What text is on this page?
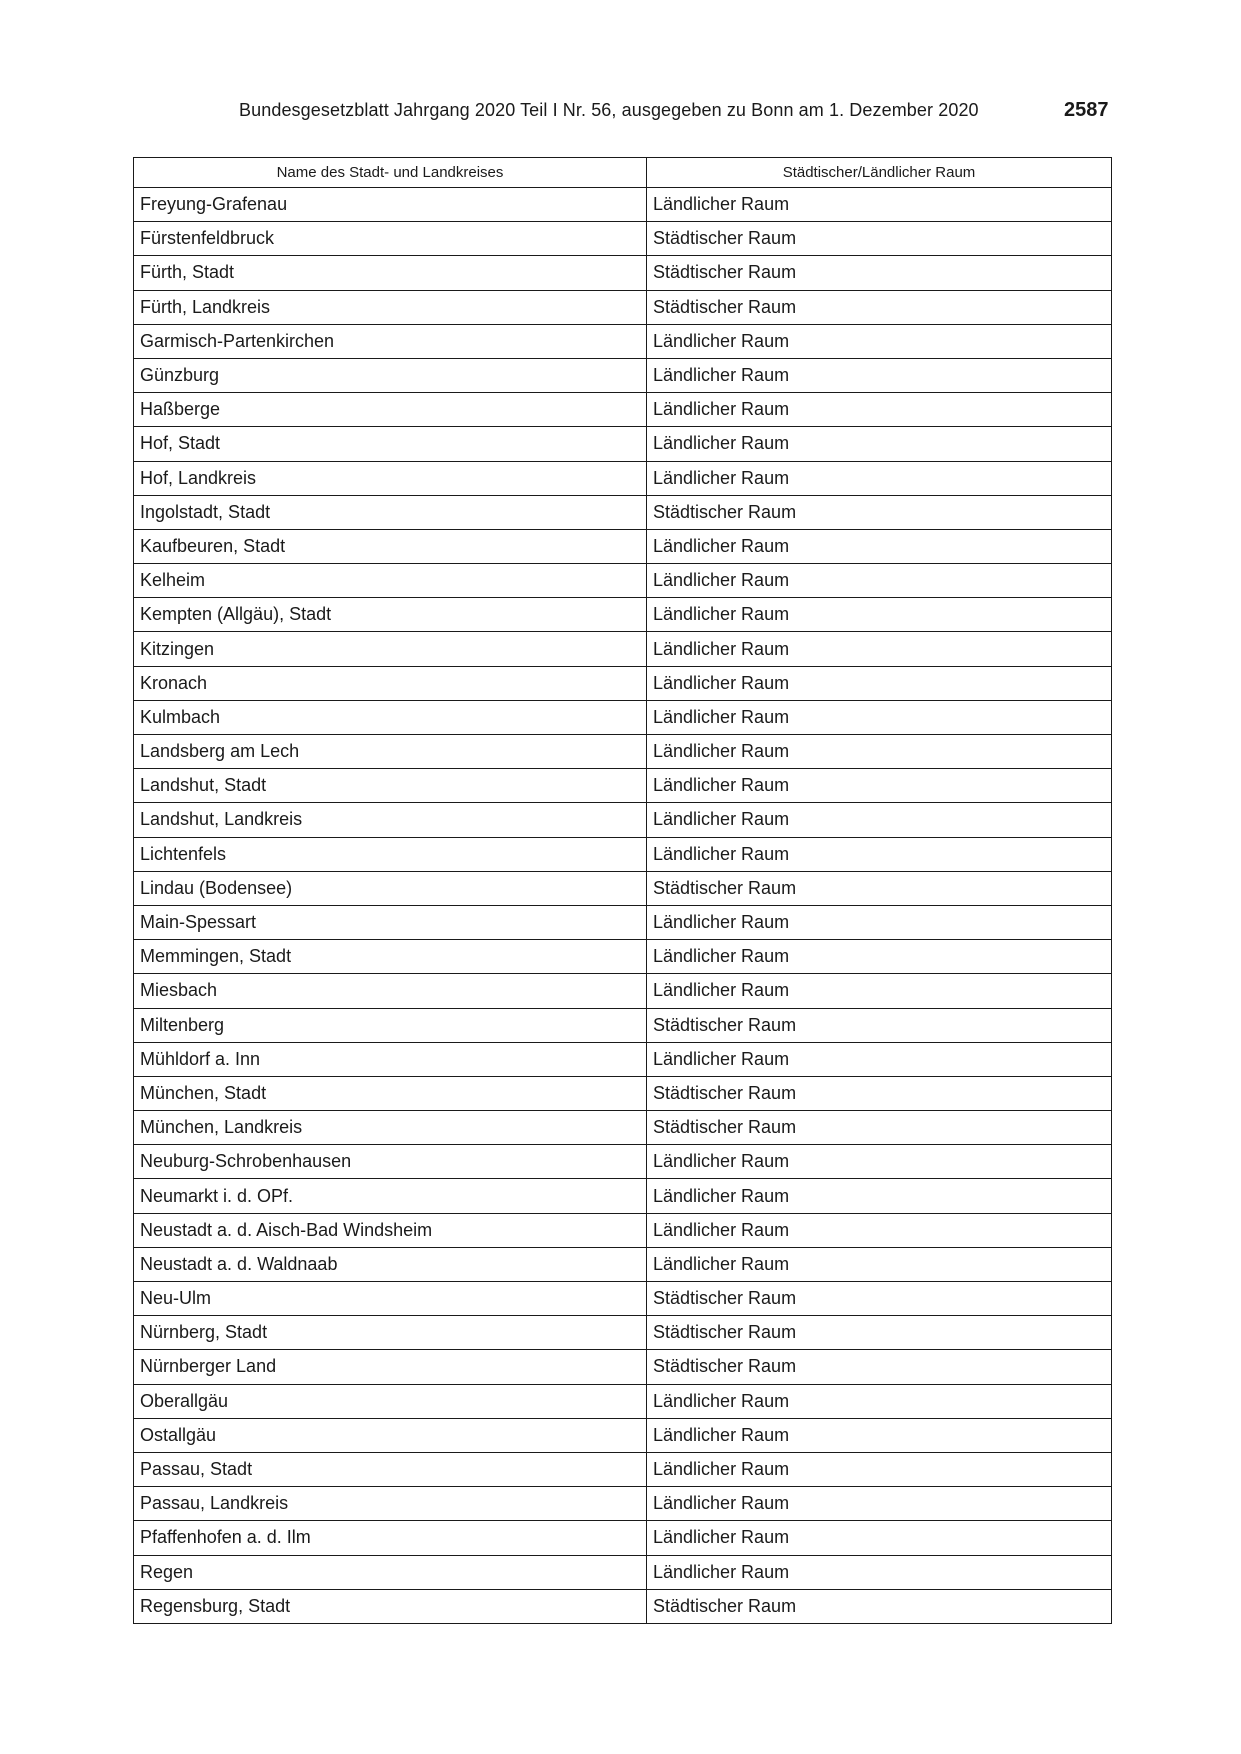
Bundesgesetzblatt Jahrgang 2020 Teil I Nr. 56, ausgegeben zu Bonn am 1. Dezember 2020	2587
Name des Stadt- und Landkreises	Städtischer/Ländlicher Raum
Freyung-Grafenau	Ländlicher Raum
Fürstenfeldbruck	Städtischer Raum
Fürth, Stadt	Städtischer Raum
Fürth, Landkreis	Städtischer Raum
Garmisch-Partenkirchen	Ländlicher Raum
Günzburg	Ländlicher Raum
Haßberge	Ländlicher Raum
Hof, Stadt	Ländlicher Raum
Hof, Landkreis	Ländlicher Raum
Ingolstadt, Stadt	Städtischer Raum
Kaufbeuren, Stadt	Ländlicher Raum
Kelheim	Ländlicher Raum
Kempten (Allgäu), Stadt	Ländlicher Raum
Kitzingen	Ländlicher Raum
Kronach	Ländlicher Raum
Kulmbach	Ländlicher Raum
Landsberg am Lech	Ländlicher Raum
Landshut, Stadt	Ländlicher Raum
Landshut, Landkreis	Ländlicher Raum
Lichtenfels	Ländlicher Raum
Lindau (Bodensee)	Städtischer Raum
Main-Spessart	Ländlicher Raum
Memmingen, Stadt	Ländlicher Raum
Miesbach	Ländlicher Raum
Miltenberg	Städtischer Raum
Mühldorf a. Inn	Ländlicher Raum
München, Stadt	Städtischer Raum
München, Landkreis	Städtischer Raum
Neuburg-Schrobenhausen	Ländlicher Raum
Neumarkt i. d. OPf.	Ländlicher Raum
Neustadt a. d. Aisch-Bad Windsheim	Ländlicher Raum
Neustadt a. d. Waldnaab	Ländlicher Raum
Neu-Ulm	Städtischer Raum
Nürnberg, Stadt	Städtischer Raum
Nürnberger Land	Städtischer Raum
Oberallgäu	Ländlicher Raum
Ostallgäu	Ländlicher Raum
Passau, Stadt	Ländlicher Raum
Passau, Landkreis	Ländlicher Raum
Pfaffenhofen a. d. Ilm	Ländlicher Raum
Regen	Ländlicher Raum
Regensburg, Stadt	Städtischer Raum
